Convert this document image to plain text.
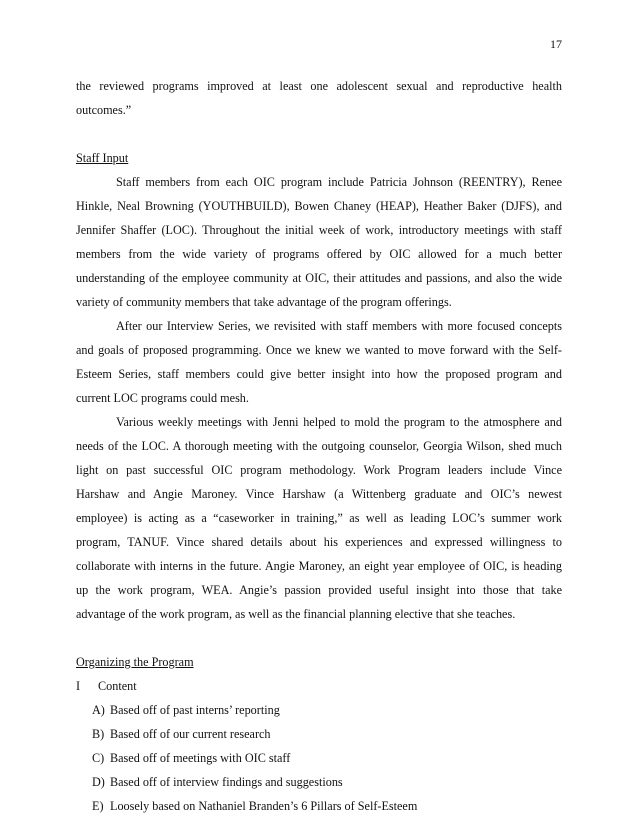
17
the reviewed programs improved at least one adolescent sexual and reproductive health
outcomes.”
Staff Input
Staff members from each OIC program include Patricia Johnson (REENTRY), Renee
Hinkle, Neal Browning (YOUTHBUILD), Bowen Chaney (HEAP), Heather Baker (DJFS), and
Jennifer Shaffer (LOC). Throughout the initial week of work, introductory meetings with staff
members from the wide variety of programs offered by OIC allowed for a much better
understanding of the employee community at OIC, their attitudes and passions, and also the wide
variety of community members that take advantage of the program offerings.
After our Interview Series, we revisited with staff members with more focused concepts
and goals of proposed programming. Once we knew we wanted to move forward with the Self-
Esteem Series, staff members could give better insight into how the proposed program and
current LOC programs could mesh.
Various weekly meetings with Jenni helped to mold the program to the atmosphere and
needs of the LOC. A thorough meeting with the outgoing counselor, Georgia Wilson, shed much
light on past successful OIC program methodology. Work Program leaders include Vince
Harshaw and Angie Maroney. Vince Harshaw (a Wittenberg graduate and OIC’s newest
employee) is acting as a “caseworker in training,” as well as leading LOC’s summer work
program, TANUF. Vince shared details about his experiences and expressed willingness to
collaborate with interns in the future. Angie Maroney, an eight year employee of OIC, is heading
up the work program, WEA. Angie’s passion provided useful insight into those that take
advantage of the work program, as well as the financial planning elective that she teaches.
Organizing the Program
I	Content
A) Based off of past interns’ reporting
B) Based off of our current research
C) Based off of meetings with OIC staff
D) Based off of interview findings and suggestions
E) Loosely based on Nathaniel Branden’s 6 Pillars of Self-Esteem
